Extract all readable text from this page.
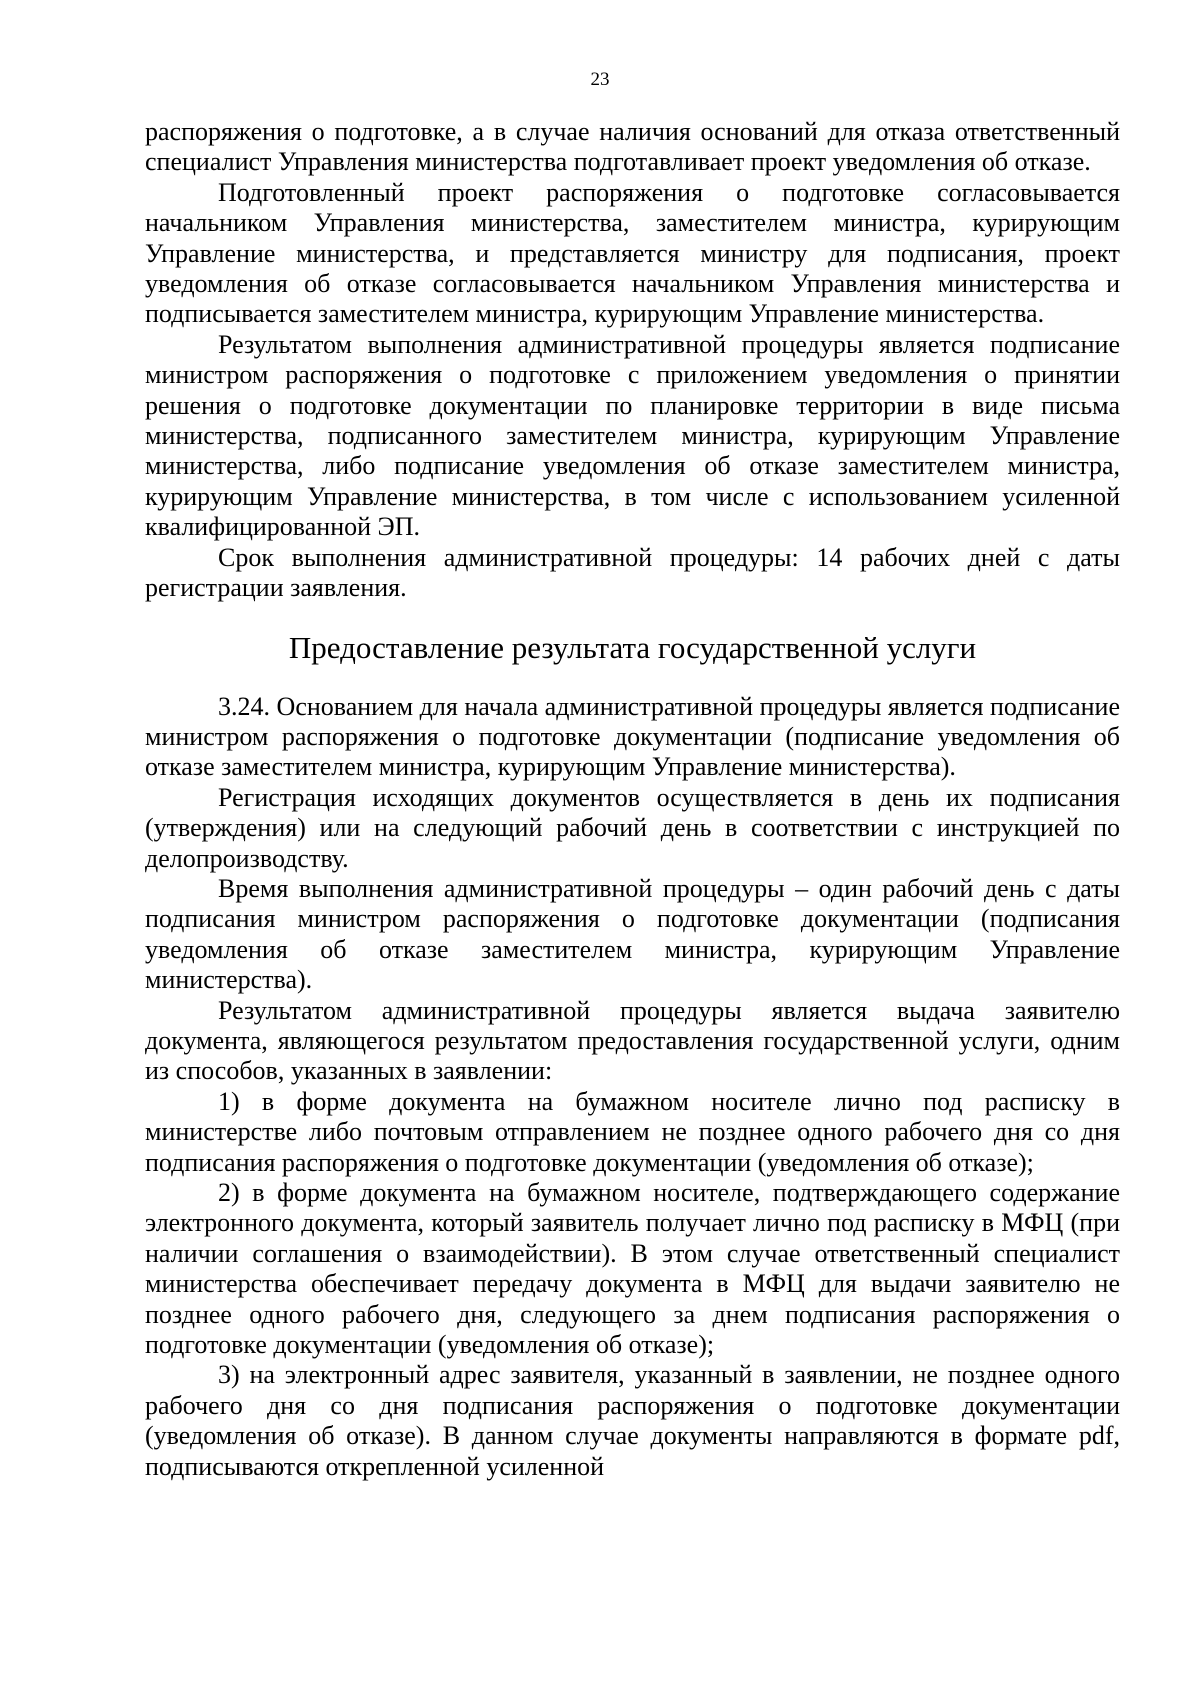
23

распоряжения о подготовке, а в случае наличия оснований для отказа ответственный специалист Управления министерства подготавливает проект уведомления об отказе.

Подготовленный проект распоряжения о подготовке согласовывается начальником Управления министерства, заместителем министра, курирующим Управление министерства, и представляется министру для подписания, проект уведомления об отказе согласовывается начальником Управления министерства и подписывается заместителем министра, курирующим Управление министерства.

Результатом выполнения административной процедуры является подписание министром распоряжения о подготовке с приложением уведомления о принятии решения о подготовке документации по планировке территории в виде письма министерства, подписанного заместителем министра, курирующим Управление министерства, либо подписание уведомления об отказе заместителем министра, курирующим Управление министерства, в том числе с использованием усиленной квалифицированной ЭП.

Срок выполнения административной процедуры: 14 рабочих дней с даты регистрации заявления.

Предоставление результата государственной услуги

3.24. Основанием для начала административной процедуры является подписание министром распоряжения о подготовке документации (подписание уведомления об отказе заместителем министра, курирующим Управление министерства).

Регистрация исходящих документов осуществляется в день их подписания (утверждения) или на следующий рабочий день в соответствии с инструкцией по делопроизводству.

Время выполнения административной процедуры – один рабочий день с даты подписания министром распоряжения о подготовке документации (подписания уведомления об отказе заместителем министра, курирующим Управление министерства).

Результатом административной процедуры является выдача заявителю документа, являющегося результатом предоставления государственной услуги, одним из способов, указанных в заявлении:

1) в форме документа на бумажном носителе лично под расписку в министерстве либо почтовым отправлением не позднее одного рабочего дня со дня подписания распоряжения о подготовке документации (уведомления об отказе);

2) в форме документа на бумажном носителе, подтверждающего содержание электронного документа, который заявитель получает лично под расписку в МФЦ (при наличии соглашения о взаимодействии). В этом случае ответственный специалист министерства обеспечивает передачу документа в МФЦ для выдачи заявителю не позднее одного рабочего дня, следующего за днем подписания распоряжения о подготовке документации (уведомления об отказе);

3) на электронный адрес заявителя, указанный в заявлении, не позднее одного рабочего дня со дня подписания распоряжения о подготовке документации (уведомления об отказе). В данном случае документы направляются в формате pdf, подписываются открепленной усиленной
